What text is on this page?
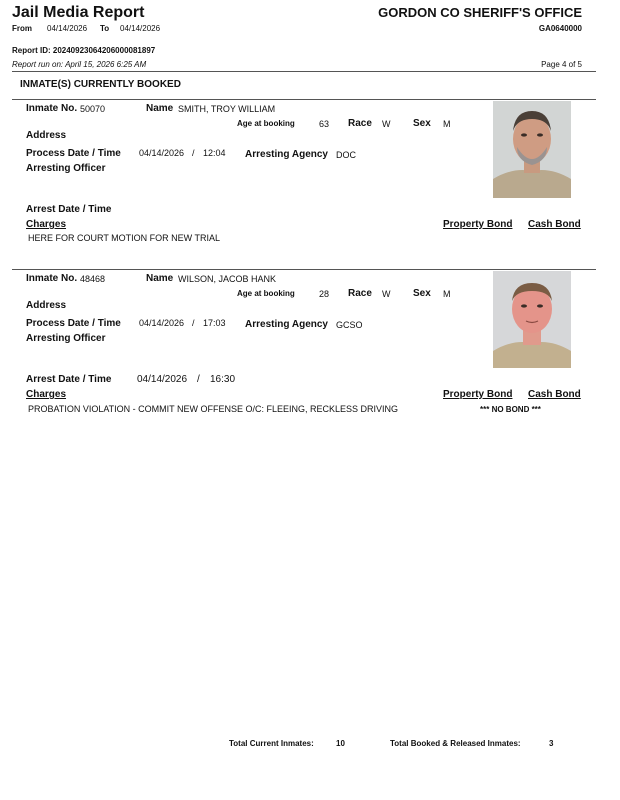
Jail Media Report
From 04/14/2026 To 04/14/2026
GORDON CO SHERIFF'S OFFICE
GA0640000
Report ID: 20240923064206000081897
Report run on: April 15, 2026 6:25 AM	Page 4 of 5
INMATE(S) CURRENTLY BOOKED
Inmate No. 50070	Name SMITH, TROY WILLIAM
Age at booking	63 Race W Sex M
Address
Process Date / Time 04/14/2026 / 12:04 Arresting Agency DOC
Arresting Officer
Arrest Date / Time
Charges	Property Bond Cash Bond
HERE FOR COURT MOTION FOR NEW TRIAL
Inmate No. 48468	Name WILSON, JACOB HANK
Age at booking	28 Race W Sex M
Address
Process Date / Time 04/14/2026 / 17:03 Arresting Agency GCSO
Arresting Officer
Arrest Date / Time	04/14/2026 / 16:30
Charges	Property Bond Cash Bond
PROBATION VIOLATION - COMMIT NEW OFFENSE O/C: FLEEING, RECKLESS DRIVING	*** NO BOND ***
Total Current Inmates:	10	Total Booked & Released Inmates:	3
